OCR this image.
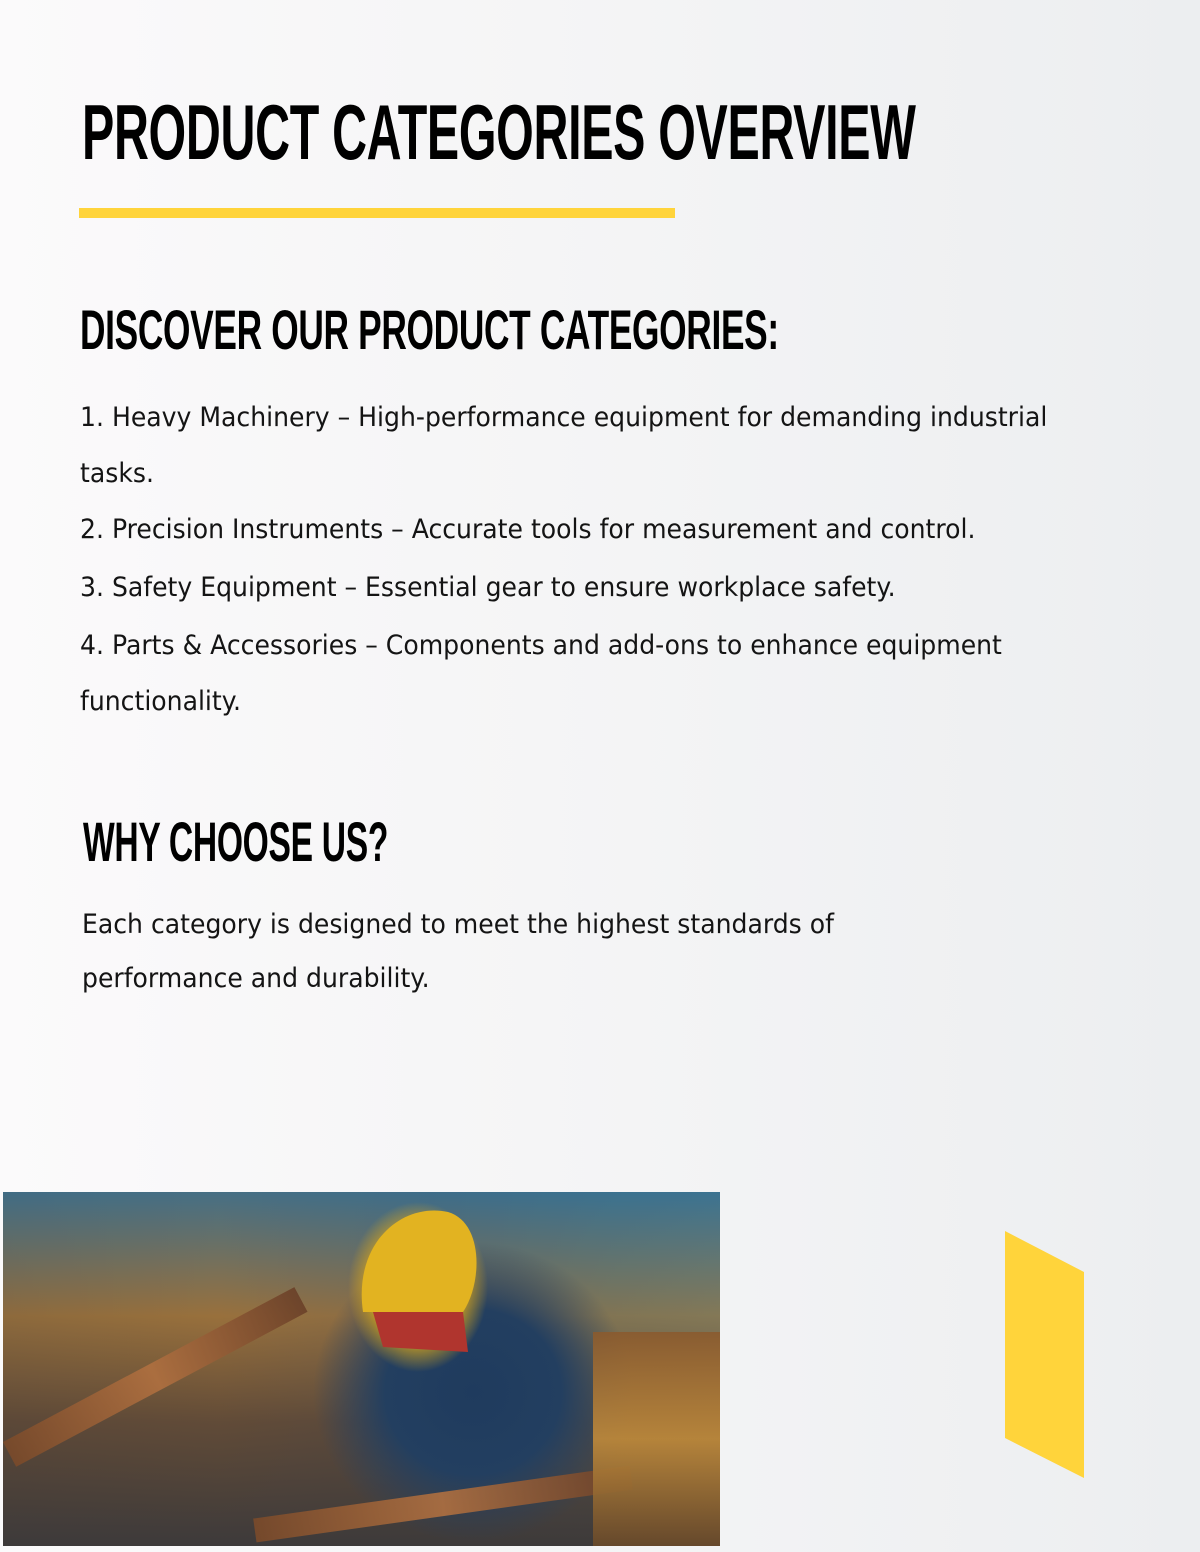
PRODUCT CATEGORIES OVERVIEW
DISCOVER OUR PRODUCT CATEGORIES:
1. Heavy Machinery – High-performance equipment for demanding industrial tasks.
2. Precision Instruments – Accurate tools for measurement and control.
3. Safety Equipment – Essential gear to ensure workplace safety.
4. Parts & Accessories – Components and add-ons to enhance equipment functionality.
WHY CHOOSE US?

Each category is designed to meet the highest standards of performance and durability.
